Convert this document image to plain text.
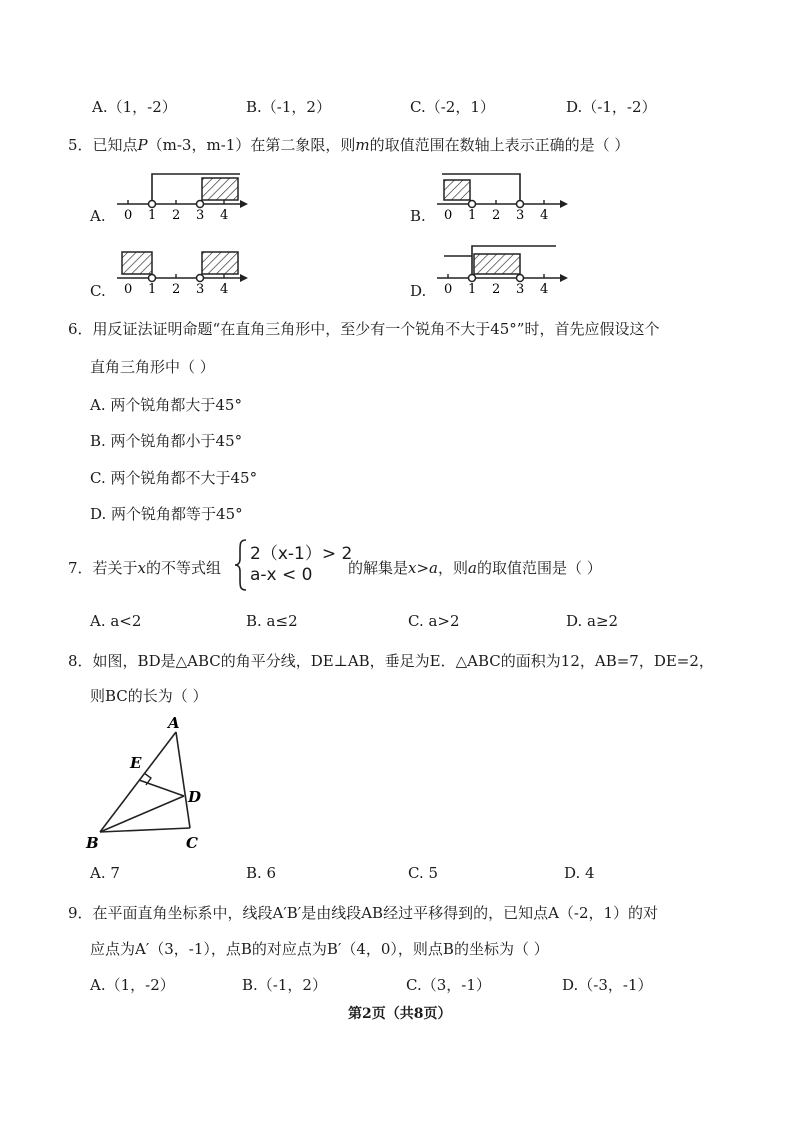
A.（1，-2）	B.（-1，2）	C.（-2，1）	D.（-1，-2）
5．已知点P（m-3，m-1）在第二象限，则m的取值范围在数轴上表示正确的是（ ）
A.	B.
C.	D.
0 1 2 3 4	0 1 2 3 4
0 1 2 3 4	0 1 2 3 4
6．用反证法证明命题“在直角三角形中，至少有一个锐角不大于45°”时，首先应假设这个
直角三角形中（ ）
A. 两个锐角都大于45°
B. 两个锐角都小于45°
C. 两个锐角都不大于45°
D. 两个锐角都等于45°
7．若关于x的不等式组
2（x-1）> 2
a-x < 0 的解集是x>a，则a的取值范围是（ ）
A. a<2	B. a≤2	C. a>2	D. a≥2
8．如图，BD是△ABC的角平分线，DE⊥AB，垂足为E．△ABC的面积为12，AB=7，DE=2，
则BC的长为（ ）
A
E
D
B	C
A. 7	B. 6	C. 5	D. 4
9．在平面直角坐标系中，线段A′B′是由线段AB经过平移得到的，已知点A（-2，1）的对
应点为A′（3，-1），点B的对应点为B′（4，0），则点B的坐标为（ ）
A.（1，-2）	B.（-1，2）	C.（3，-1）	D.（-3，-1）
第2页（共8页）
